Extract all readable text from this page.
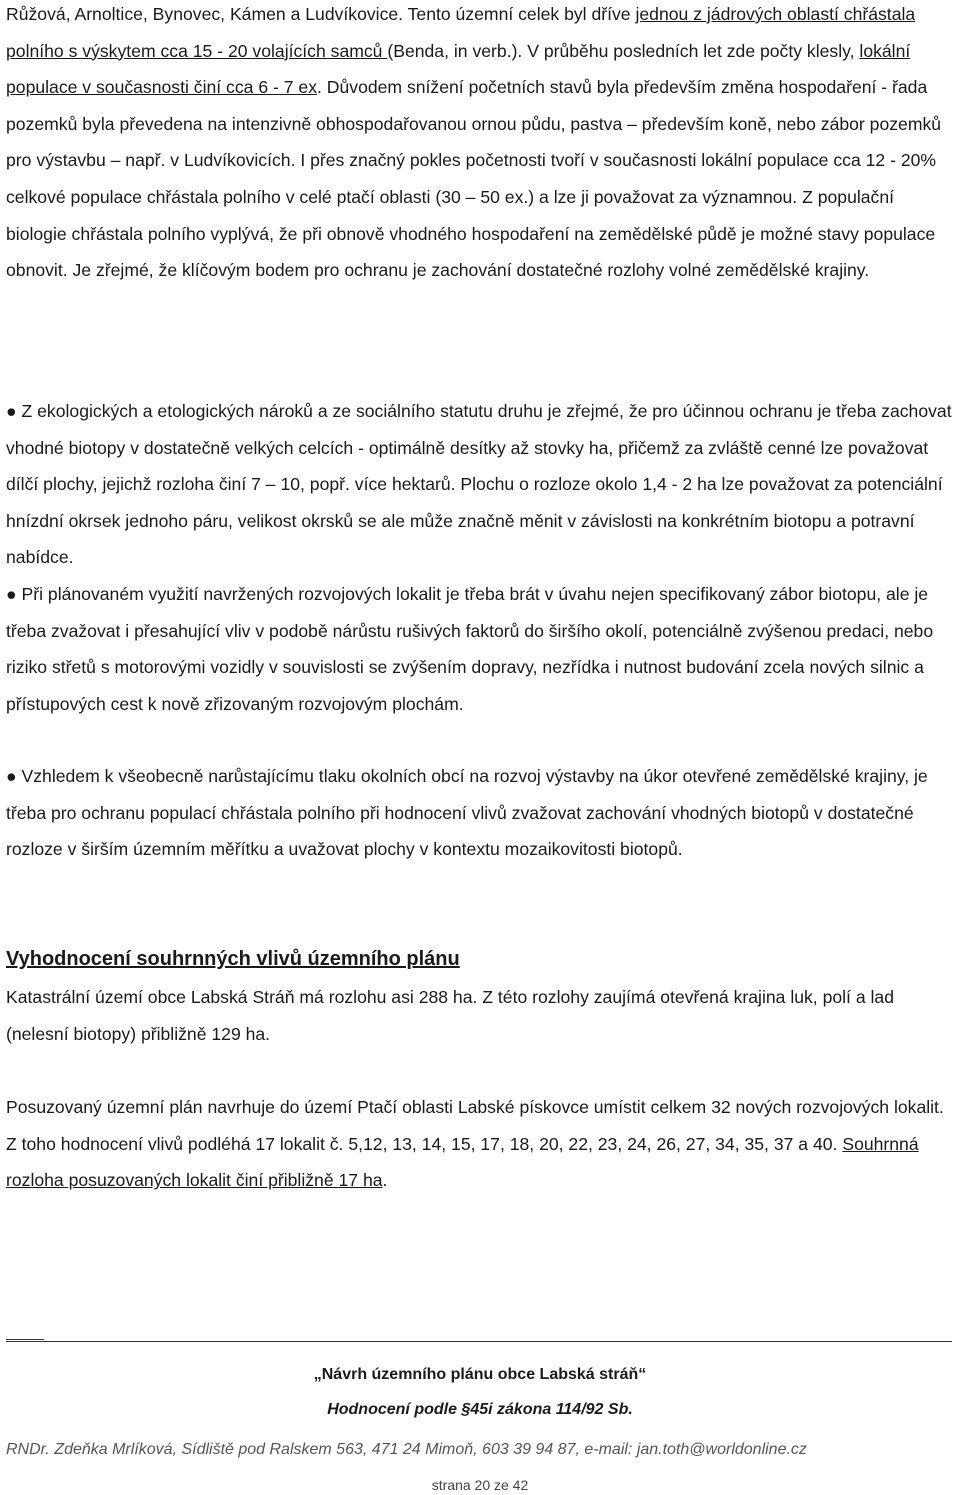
Růžová, Arnoltice, Bynovec, Kámen a Ludvíkovice. Tento územní celek byl dříve jednou z jádrových oblastí chřástala polního s výskytem cca 15 - 20 volajících samců (Benda, in verb.). V průběhu posledních let zde počty klesly, lokální populace v současnosti činí cca 6 - 7 ex. Důvodem snížení početních stavů byla především změna hospodaření - řada pozemků byla převedena na intenzivně obhospodařovanou ornou půdu, pastva – především koně, nebo zábor pozemků pro výstavbu – např. v Ludvíkovicích. I přes značný pokles početnosti tvoří v současnosti lokální populace cca 12 - 20% celkové populace chřástala polního v celé ptačí oblasti (30 – 50 ex.) a lze ji považovat za významnou. Z populační biologie chřástala polního vyplývá, že při obnově vhodného hospodaření na zemědělské půdě je možné stavy populace obnovit. Je zřejmé, že klíčovým bodem pro ochranu je zachování dostatečné rozlohy volné zemědělské krajiny.

● Z ekologických a etologických nároků a ze sociálního statutu druhu je zřejmé, že pro účinnou ochranu je třeba zachovat vhodné biotopy v dostatečně velkých celcích - optimálně desítky až stovky ha, přičemž za zvláště cenné lze považovat dílčí plochy, jejichž rozloha činí 7 – 10, popř. více hektarů. Plochu o rozloze okolo 1,4 - 2 ha lze považovat za potenciální hnízdní okrsek jednoho páru, velikost okrsků se ale může značně měnit v závislosti na konkrétním biotopu a potravní nabídce.

● Při plánovaném využití navržených rozvojových lokalit je třeba brát v úvahu nejen specifikovaný zábor biotopu, ale je třeba zvažovat i přesahující vliv v podobě nárůstu rušivých faktorů do širšího okolí, potenciálně zvýšenou predaci, nebo riziko střetů s motorovými vozidly v souvislosti se zvýšením dopravy, nezřídka i nutnost budování zcela nových silnic a přístupových cest k nově zřizovaným rozvojovým plochám.

● Vzhledem k všeobecně narůstajícímu tlaku okolních obcí na rozvoj výstavby na úkor otevřené zemědělské krajiny, je třeba pro ochranu populací chřástala polního při hodnocení vlivů zvažovat zachování vhodných biotopů v dostatečné rozloze v širším územním měřítku a uvažovat plochy v kontextu mozaikovitosti biotopů.

Vyhodnocení souhrnných vlivů územního plánu

Katastrální území obce Labská Stráň má rozlohu asi 288 ha. Z této rozlohy zaujímá otevřená krajina luk, polí a lad (nelesní biotopy) přibližně 129 ha.

Posuzovaný územní plán navrhuje do území Ptačí oblasti Labské pískovce umístit celkem 32 nových rozvojových lokalit. Z toho hodnocení vlivů podléhá 17 lokalit č. 5,12, 13, 14, 15, 17, 18, 20, 22, 23, 24, 26, 27, 34, 35, 37 a 40. Souhrnná rozloha posuzovaných lokalit činí přibližně 17 ha.

„Návrh územního plánu obce Labská stráň“

Hodnocení podle §45i zákona 114/92 Sb.

RNDr. Zdeňka Mrlíková, Sídliště pod Ralskem 563, 471 24 Mimoň, 603 39 94 87, e-mail: jan.toth@worldonline.cz

strana 20 ze 42
